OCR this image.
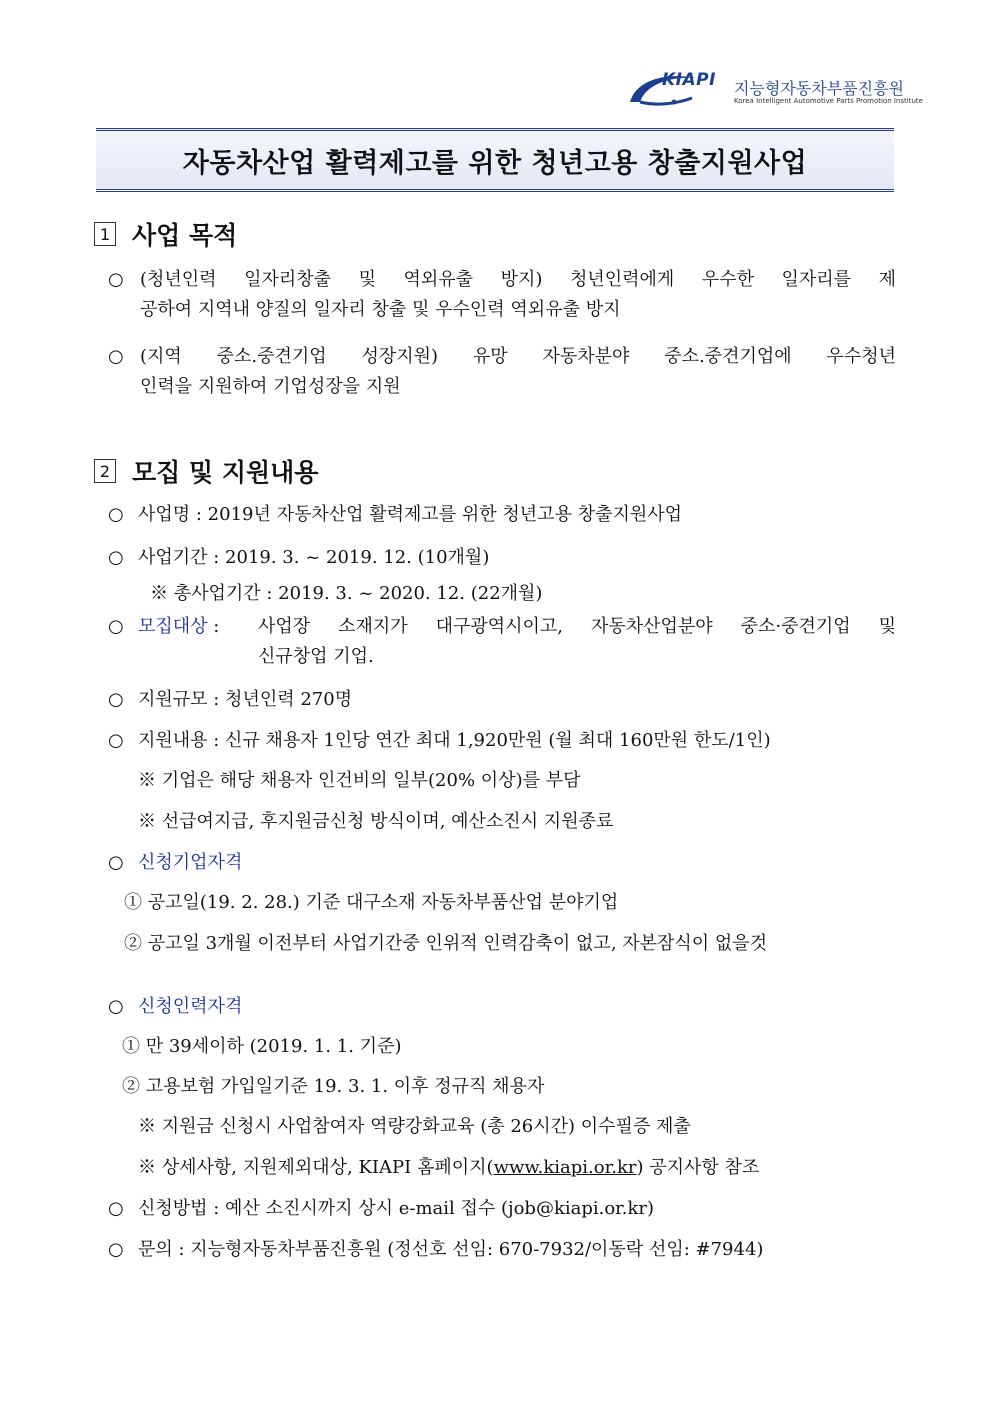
KIAPI 지능형자동차부품진흥원
Korea Intelligent Automotive Parts Promotion Institute
자동차산업 활력제고를 위한 청년고용 창출지원사업
1 사업 목적
○ (청년인력 일자리창출 및 역외유출 방지) 청년인력에게 우수한 일자리를 제
공하여 지역내 양질의 일자리 창출 및 우수인력 역외유출 방지
○ (지역 중소.중견기업 성장지원) 유망 자동차분야 중소.중견기업에 우수청년
인력을 지원하여 기업성장을 지원
2 모집 및 지원내용
○ 사업명 : 2019년 자동차산업 활력제고를 위한 청년고용 창출지원사업
○ 사업기간 : 2019. 3. ~ 2019. 12. (10개월)
※ 총사업기간 : 2019. 3. ~ 2020. 12. (22개월)
○ 모집대상 : 사업장 소재지가 대구광역시이고, 자동차산업분야 중소·중견기업 및
신규창업 기업.
○ 지원규모 : 청년인력 270명
○ 지원내용 : 신규 채용자 1인당 연간 최대 1,920만원 (월 최대 160만원 한도/1인)
※ 기업은 해당 채용자 인건비의 일부(20% 이상)를 부담
※ 선급여지급, 후지원금신청 방식이며, 예산소진시 지원종료
○ 신청기업자격
① 공고일(19. 2. 28.) 기준 대구소재 자동차부품산업 분야기업
② 공고일 3개월 이전부터 사업기간중 인위적 인력감축이 없고, 자본잠식이 없을것
○ 신청인력자격
① 만 39세이하 (2019. 1. 1. 기준)
② 고용보험 가입일기준 19. 3. 1. 이후 정규직 채용자
※ 지원금 신청시 사업참여자 역량강화교육 (총 26시간) 이수필증 제출
※ 상세사항, 지원제외대상, KIAPI 홈페이지(www.kiapi.or.kr) 공지사항 참조
○ 신청방법 : 예산 소진시까지 상시 e-mail 접수 (job@kiapi.or.kr)
○ 문의 : 지능형자동차부품진흥원 (정선호 선임: 670-7932/이동락 선임: #7944)
